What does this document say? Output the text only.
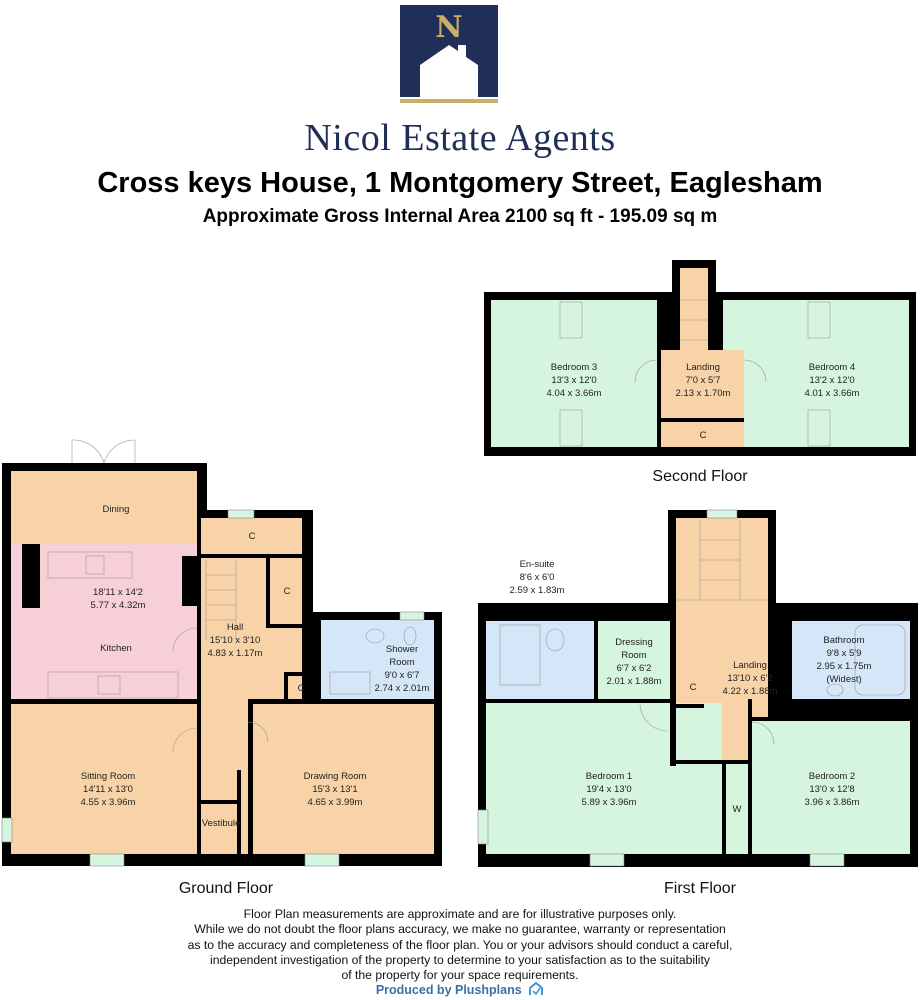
N
Nicol Estate Agents
Cross keys House, 1 Montgomery Street, Eaglesham
Approximate Gross Internal Area 2100 sq ft - 195.09 sq m
Bedroom 3
13'3 x 12'0
4.04 x 3.66m
Landing
7'0 x 5'7
2.13 x 1.70m
C
Bedroom 4
13'2 x 12'0
4.01 x 3.66m
Dining
18'11 x 14'2
5.77 x 4.32m
Kitchen
C
C
C
Hall
15'10 x 3'10
4.83 x 1.17m	Shower
Room
9'0 x 6'7
2.74 x 2.01m
Sitting Room
14'11 x 13'0
4.55 x 3.96m
Drawing Room
15'3 x 13'1
4.65 x 3.99m
Vestibule
En-suite
8'6 x 6'0
2.59 x 1.83m
Dressing
Room
6'7 x 6'2
2.01 x 1.88m
Landing
13'10 x 6'2
4.22 x 1.88m
C
Bathroom
9'8 x 5'9
2.95 x 1.75m
(Widest)
Bedroom 1
19'4 x 13'0
5.89 x 3.96m
W
Bedroom 2
13'0 x 12'8
3.96 x 3.86m
Second Floor
Ground Floor	First Floor
Floor Plan measurements are approximate and are for illustrative purposes only.
While we do not doubt the floor plans accuracy, we make no guarantee, warranty or representation
as to the accuracy and completeness of the floor plan. You or your advisors should conduct a careful,
independent investigation of the property to determine to your satisfaction as to the suitability
of the property for your space requirements.
Produced by Plushplans
